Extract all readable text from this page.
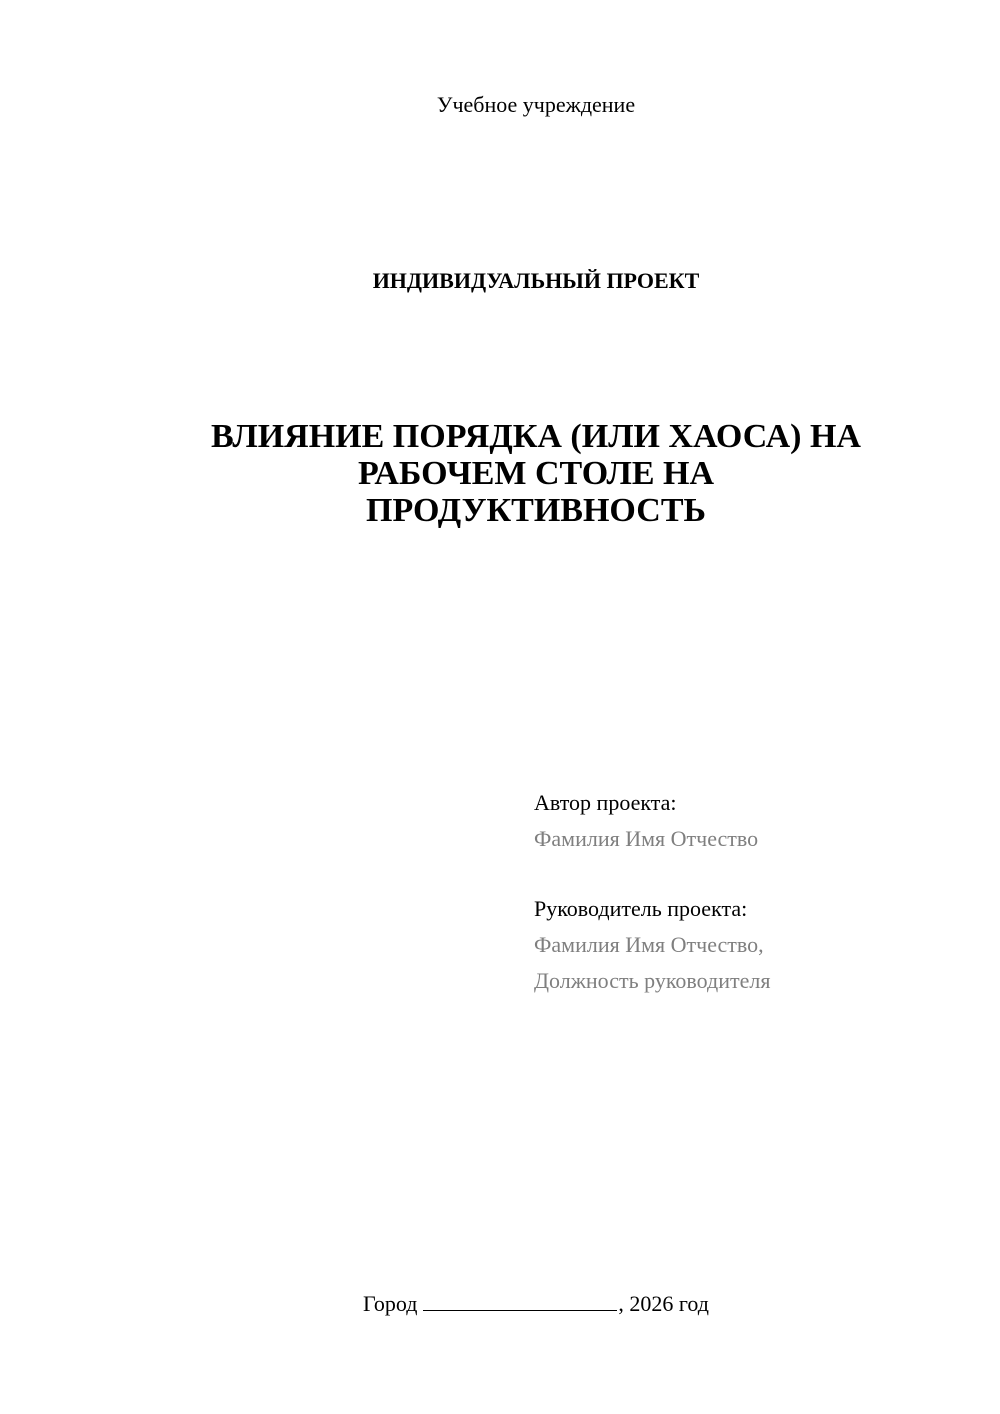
Учебное учреждение
ИНДИВИДУАЛЬНЫЙ ПРОЕКТ
ВЛИЯНИЕ ПОРЯДКА (ИЛИ ХАОСА) НА
РАБОЧЕМ СТОЛЕ НА
ПРОДУКТИВНОСТЬ
Автор проекта:
Фамилия Имя Отчество
Руководитель проекта:
Фамилия Имя Отчество,
Должность руководителя
Город	, 2026 год
